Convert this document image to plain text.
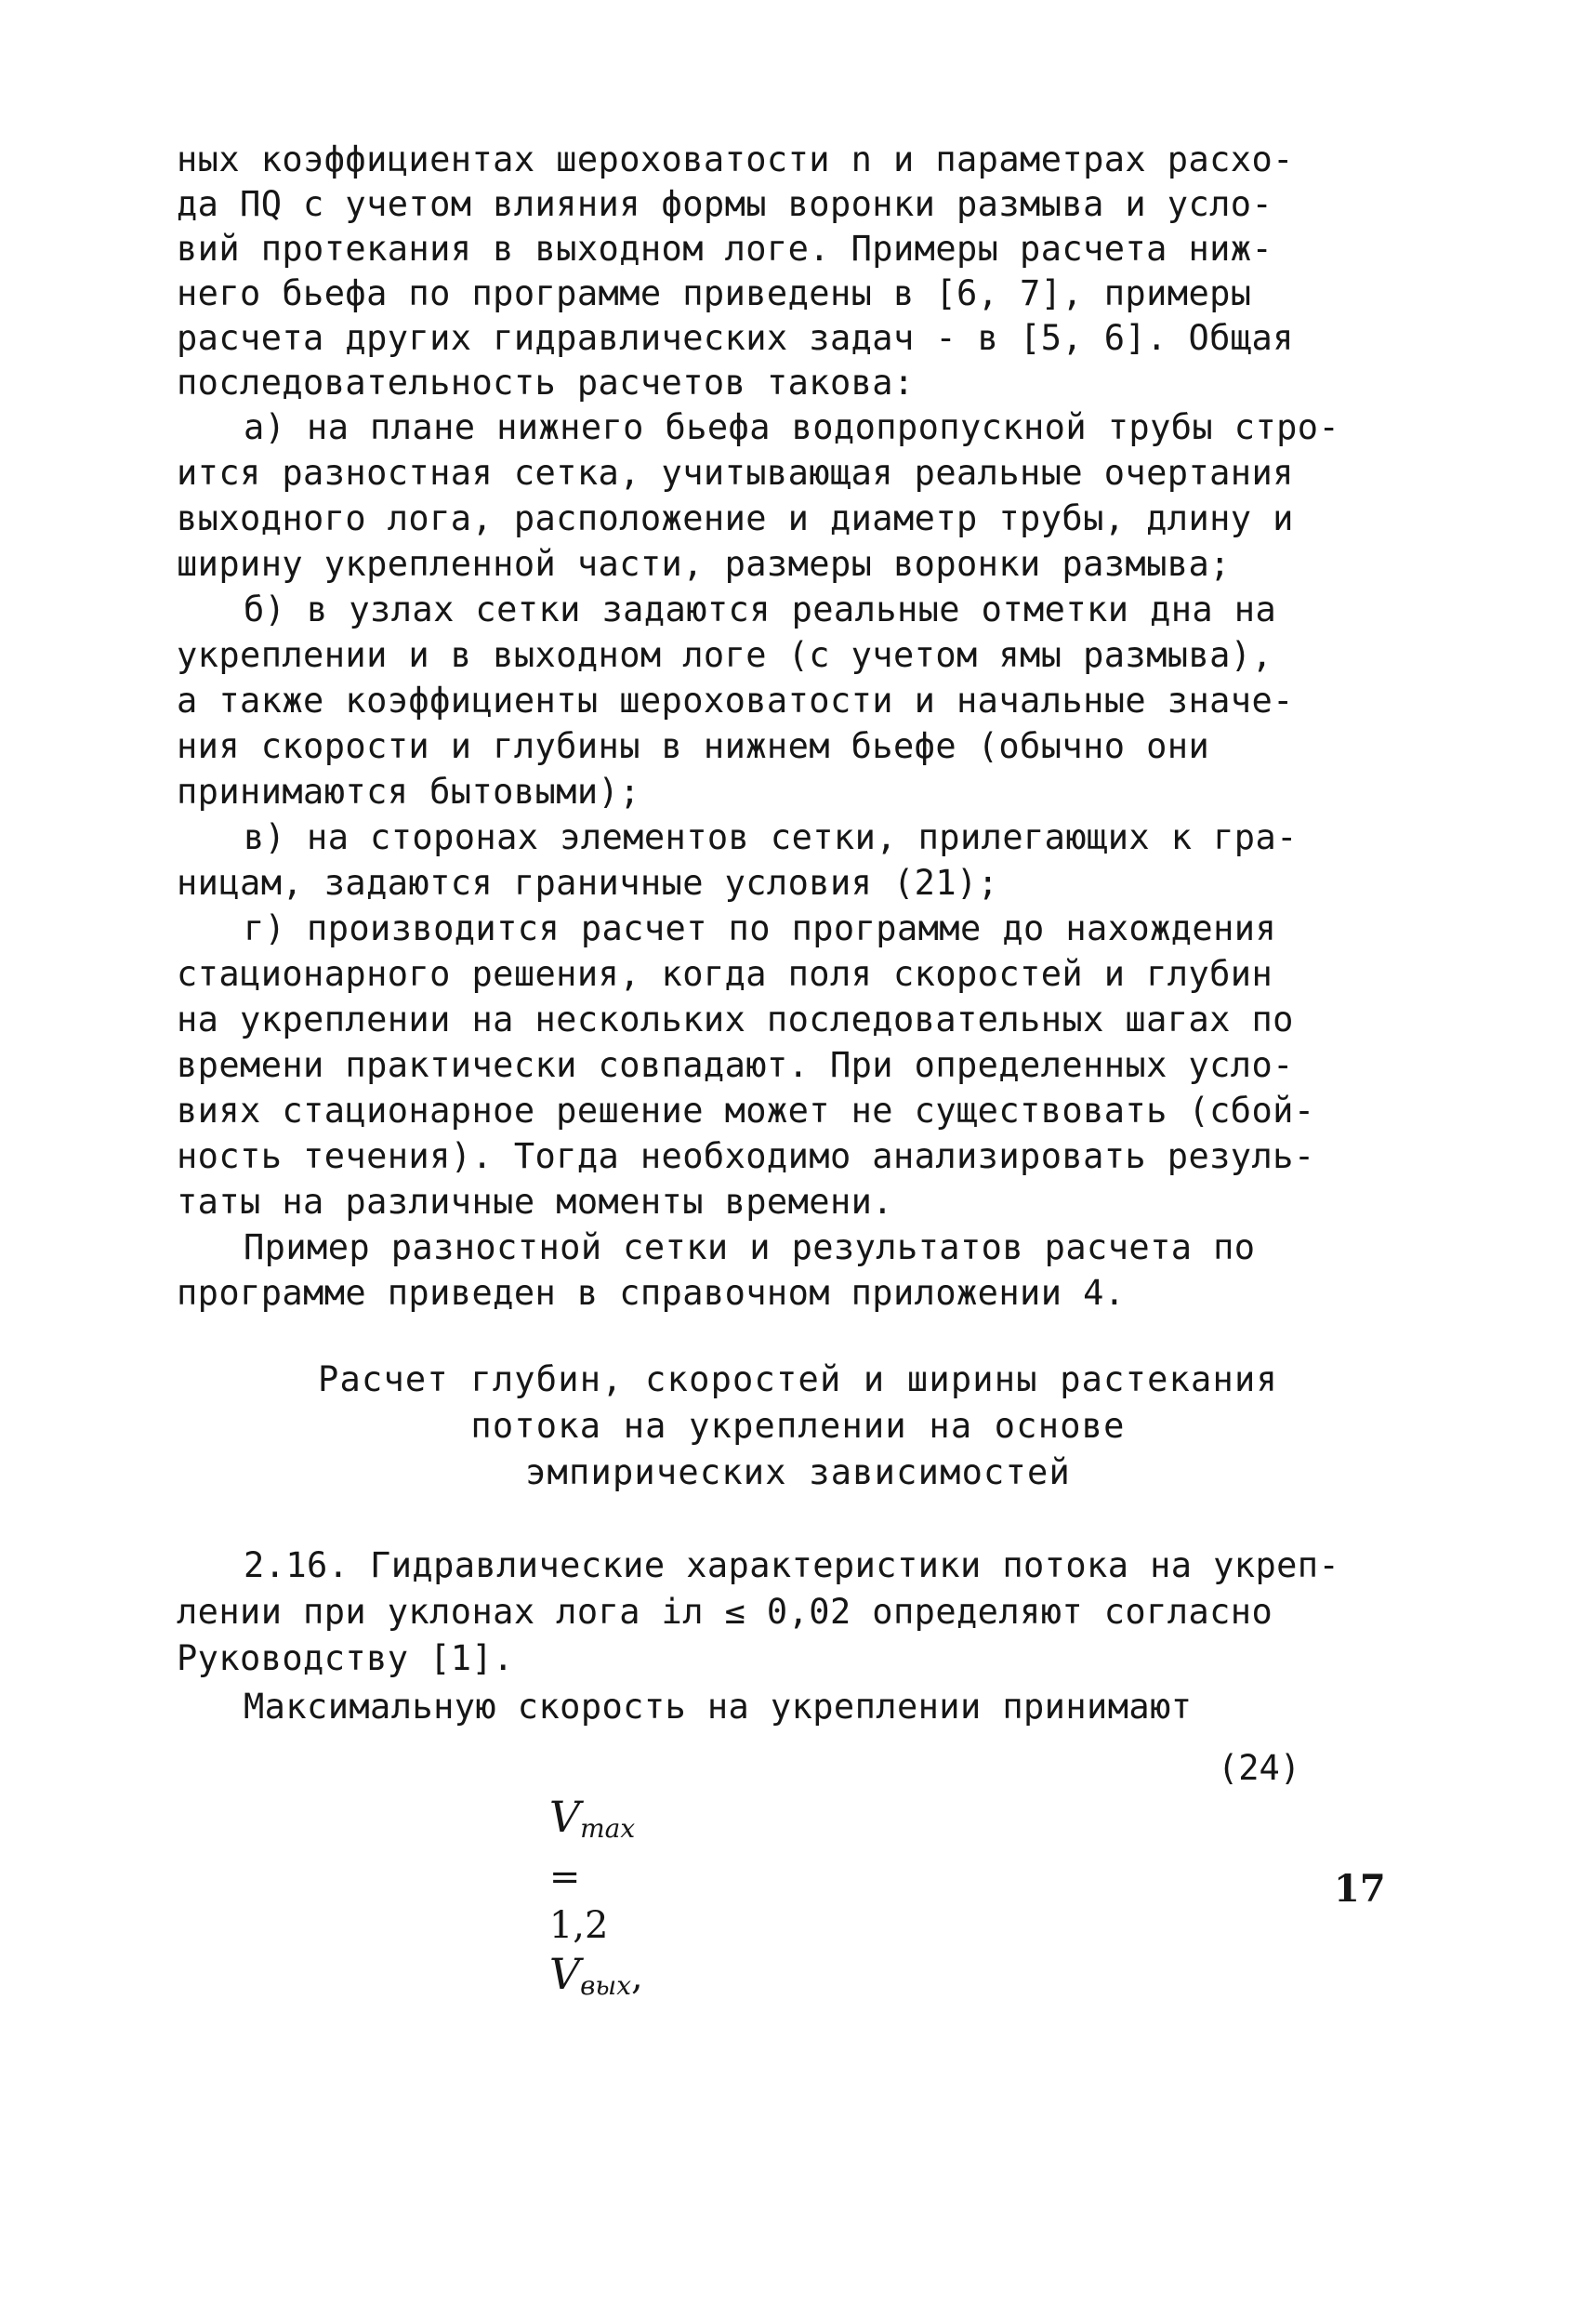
ных коэффициентах шероховатости n и параметрах расхо-
да ПQ с учетом влияния формы воронки размыва и усло-
вий протекания в выходном логе. Примеры расчета ниж-
него бьефа по программе приведены в [6, 7], примеры
расчета других гидравлических задач - в [5, 6]. Общая
последовательность расчетов такова:
а) на плане нижнего бьефа водопропускной трубы стро-
ится разностная сетка, учитывающая реальные очертания
выходного лога, расположение и диаметр трубы, длину и
ширину укрепленной части, размеры воронки размыва;
б) в узлах сетки задаются реальные отметки дна на
укреплении и в выходном логе (с учетом ямы размыва),
а также коэффициенты шероховатости и начальные значе-
ния скорости и глубины в нижнем бьефе (обычно они
принимаются бытовыми);
в) на сторонах элементов сетки, прилегающих к гра-
ницам, задаются граничные условия (21);
г) производится расчет по программе до нахождения
стационарного решения, когда поля скоростей и глубин
на укреплении на нескольких последовательных шагах по
времени практически совпадают. При определенных усло-
виях стационарное решение может не существовать (сбой-
ность течения). Тогда необходимо анализировать резуль-
таты на различные моменты времени.
Пример разностной сетки и результатов расчета по
программе приведен в справочном приложении 4.
Расчет глубин, скоростей и ширины растекания
потока на укреплении на основе
эмпирических зависимостей
2.16. Гидравлические характеристики потока на укреп-
лении при уклонах лога iл ≤ 0,02 определяют согласно
Руководству [1].
Максимальную скорость на укреплении принимают

$V_{max}$
=
1,2
$V_{вых}$,

(24)
17
